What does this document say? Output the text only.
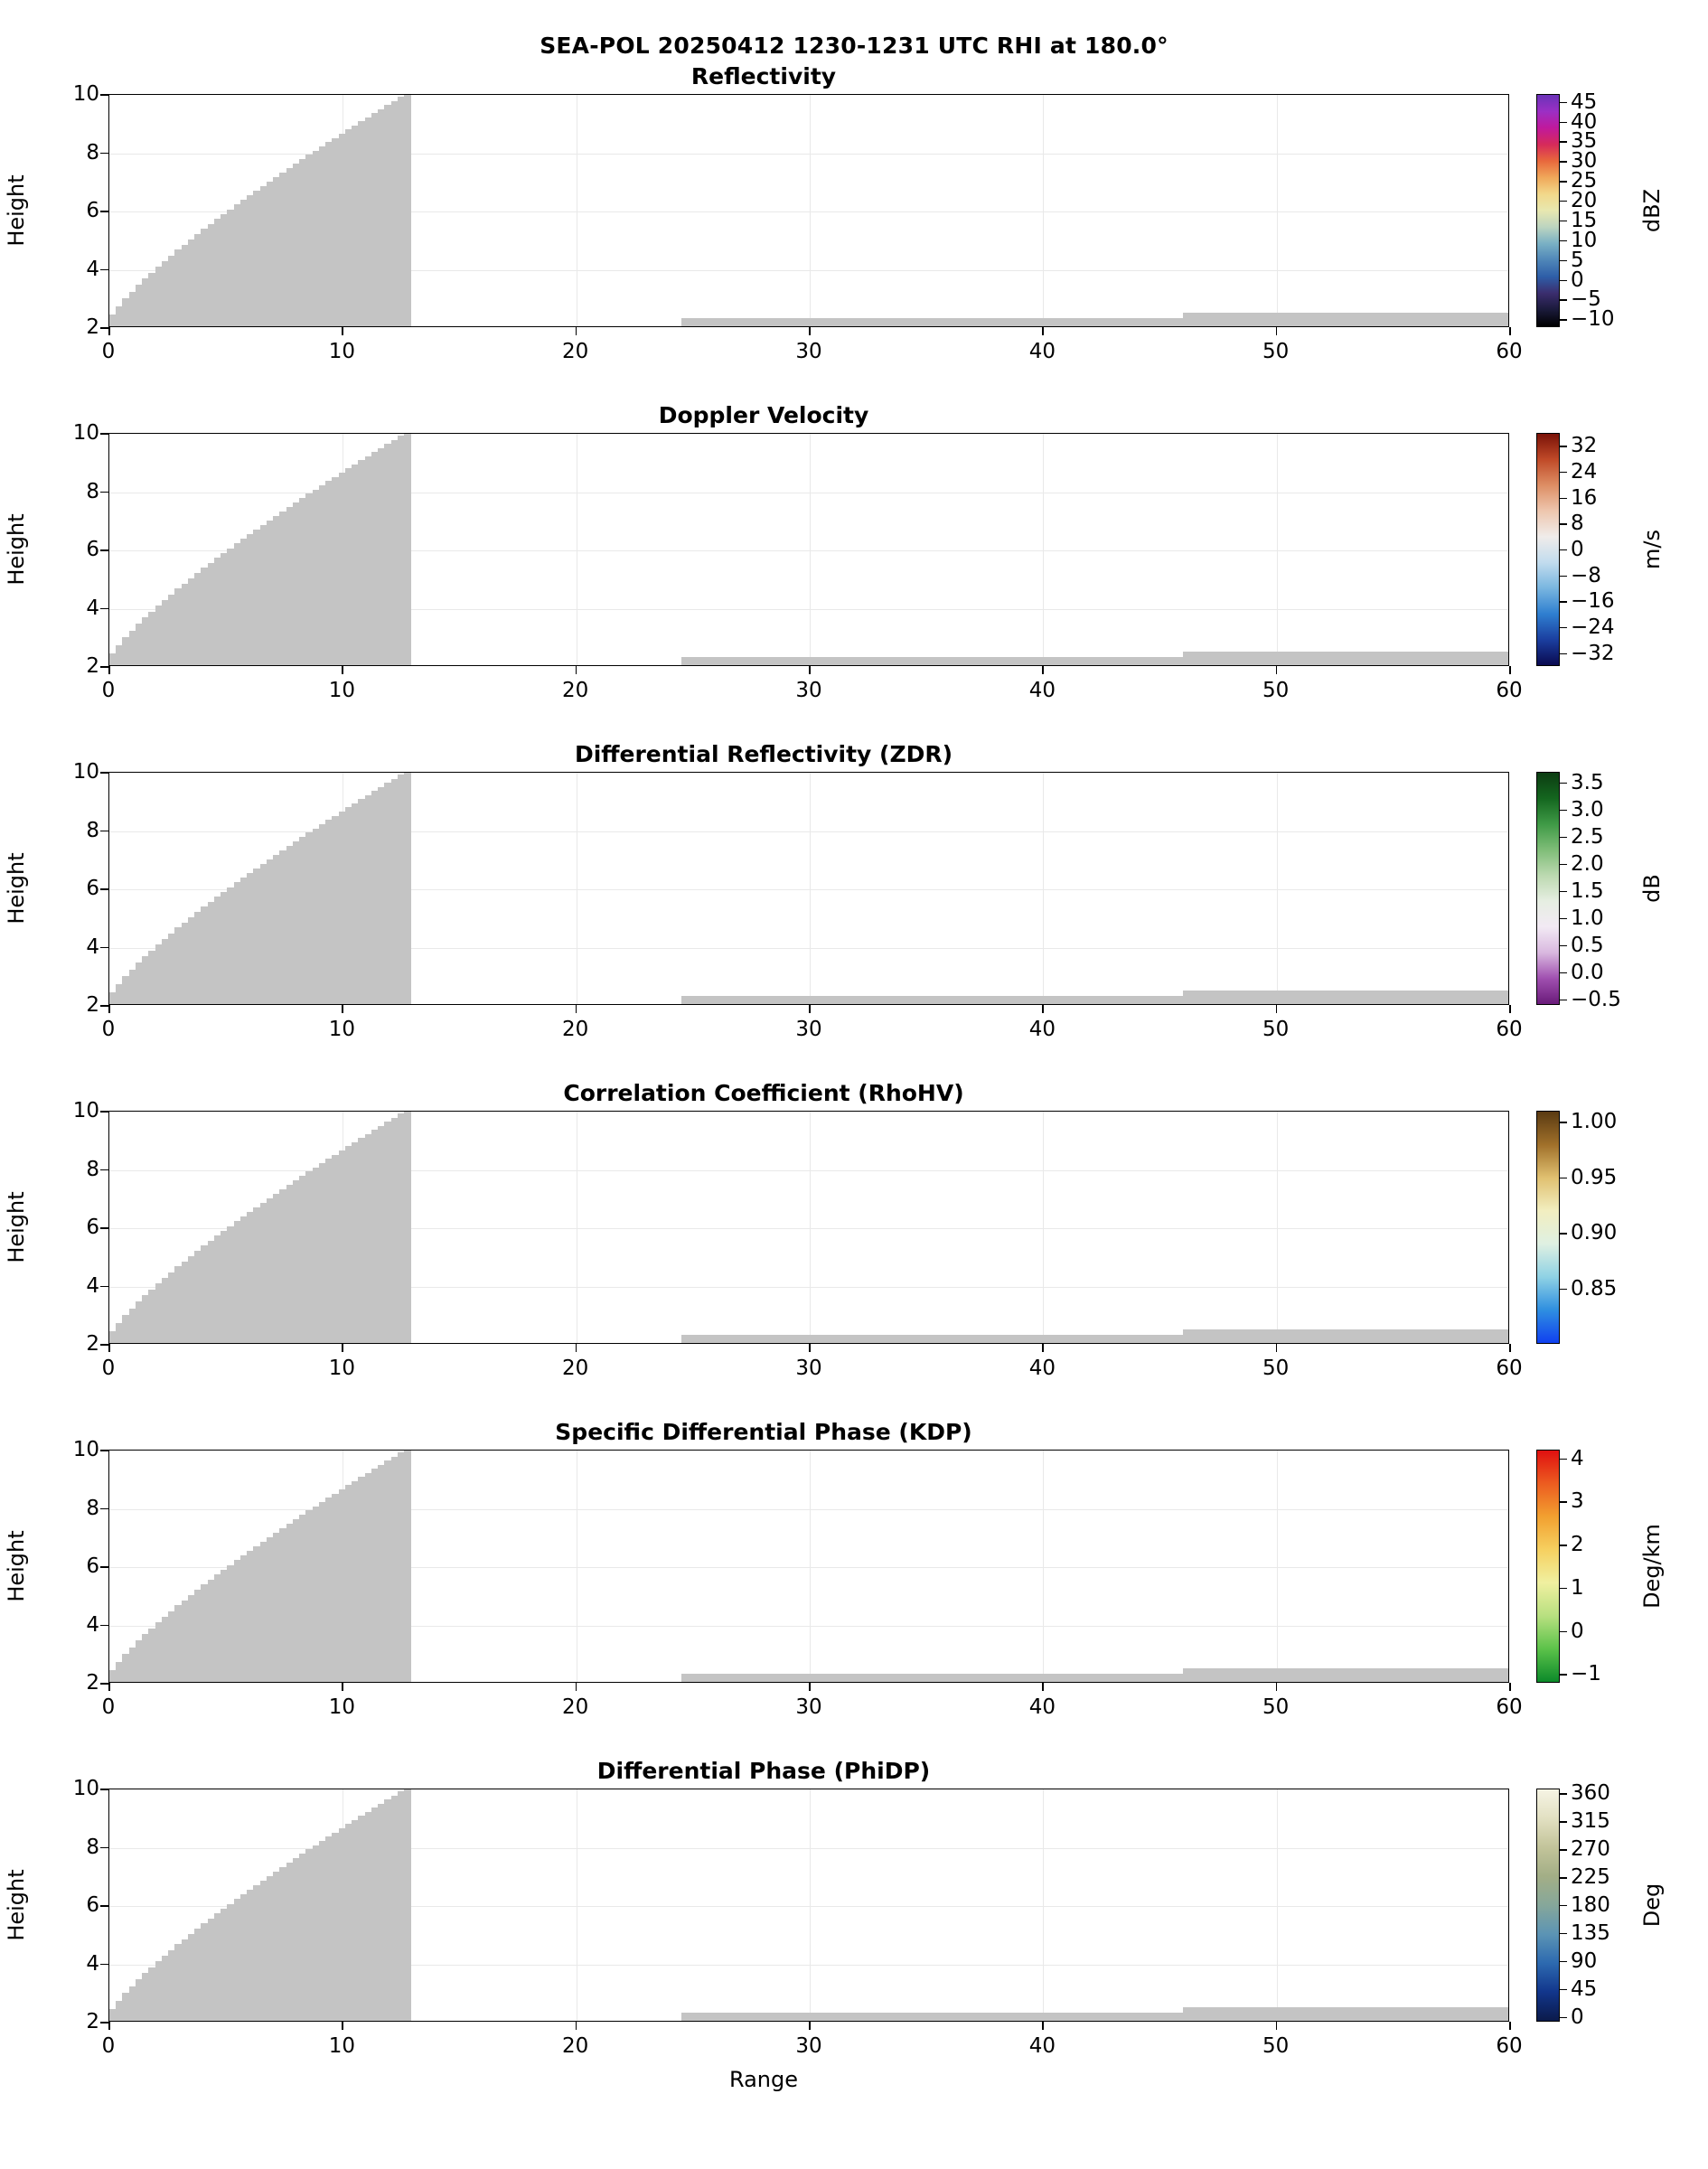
SEA-POL 20250412 1230-1231 UTC RHI at 180.0°
Reflectivity
Height
2
4
6
8
10
0	10	20	30	40	50	60
−10
−5
0
5
10
15
20
25
30
35
40
45
dBZ
Doppler Velocity
Height
2
4
6
8
10
0	10	20	30	40	50	60
−32
−24
−16
−8
0
8
16
24
32
m/s
Differential Reflectivity (ZDR)
Height
2
4
6
8
10
0	10	20	30	40	50	60
−0.5
0.0
0.5
1.0
1.5
2.0
2.5
3.0
3.5
dB
Correlation Coefficient (RhoHV)
Height
2
4
6
8
10
0	10	20	30	40	50	60
0.85
0.90
0.95
1.00
Specific Differential Phase (KDP)
Height
2
4
6
8
10
0	10	20	30	40	50	60
−1
0
1
2
3
4
Deg/km
Differential Phase (PhiDP)
Height
2
4
6
8
10
0	10	20	30	40	50	60
Range
0
45
90
135
180
225
270
315
360
Deg
